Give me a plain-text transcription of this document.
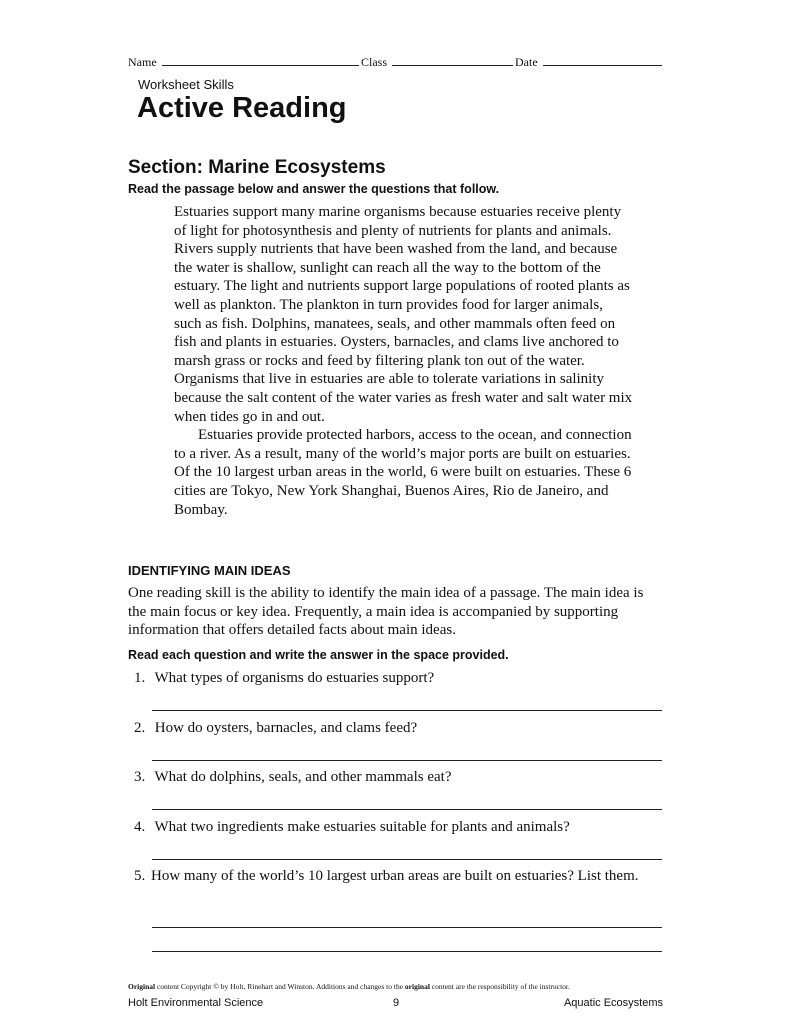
Name	Class	Date
Worksheet Skills
Active Reading
Section: Marine Ecosystems
Read the passage below and answer the questions that follow.

Estuaries support many marine organisms because estuaries receive plenty of light for photosynthesis and plenty of nutrients for plants and animals. Rivers supply nutrients that have been washed from the land, and because the water is shallow, sunlight can reach all the way to the bottom of the estuary. The light and nutrients support large populations of rooted plants as well as plankton. The plankton in turn provides food for larger animals, such as fish. Dolphins, manatees, seals, and other mammals often feed on fish and plants in estuaries. Oysters, barnacles, and clams live anchored to marsh grass or rocks and feed by filtering plank ton out of the water. Organisms that live in estuaries are able to tolerate variations in salinity because the salt content of the water varies as fresh water and salt water mix when tides go in and out.

Estuaries provide protected harbors, access to the ocean, and connection to a river. As a result, many of the world’s major ports are built on estuaries. Of the 10 largest urban areas in the world, 6 were built on estuaries. These 6 cities are Tokyo, New York Shanghai, Buenos Aires, Rio de Janeiro, and Bombay.

IDENTIFYING MAIN IDEAS
One reading skill is the ability to identify the main idea of a passage. The main idea is the main focus or key idea. Frequently, a main idea is accompanied by supporting information that offers detailed facts about main ideas.
Read each question and write the answer in the space provided.
1. What types of organisms do estuaries support?
2. How do oysters, barnacles, and clams feed?
3. What do dolphins, seals, and other mammals eat?
4. What two ingredients make estuaries suitable for plants and animals?
5. How many of the world’s 10 largest urban areas are built on estuaries? List them.
Original content Copyright © by Holt, Rinehart and Winston. Additions and changes to the original content are the responsibility of the instructor.
Holt Environmental Science	9	Aquatic Ecosystems
